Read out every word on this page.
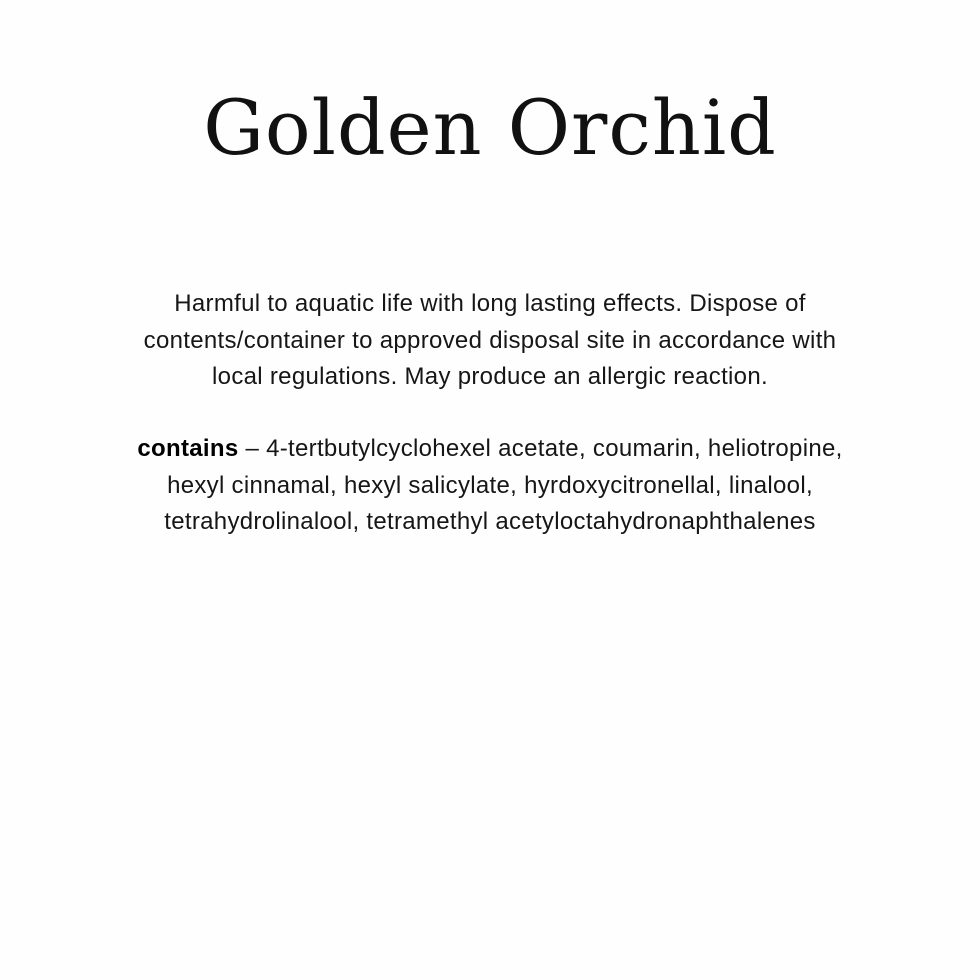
Golden Orchid

Harmful to aquatic life with long lasting effects. Dispose of contents/container to approved disposal site in accordance with local regulations. May produce an allergic reaction.

contains – 4-tertbutylcyclohexel acetate, coumarin, heliotropine, hexyl cinnamal, hexyl salicylate, hyrdoxycitronellal, linalool, tetrahydrolinalool, tetramethyl acetyloctahydronaphthalenes
